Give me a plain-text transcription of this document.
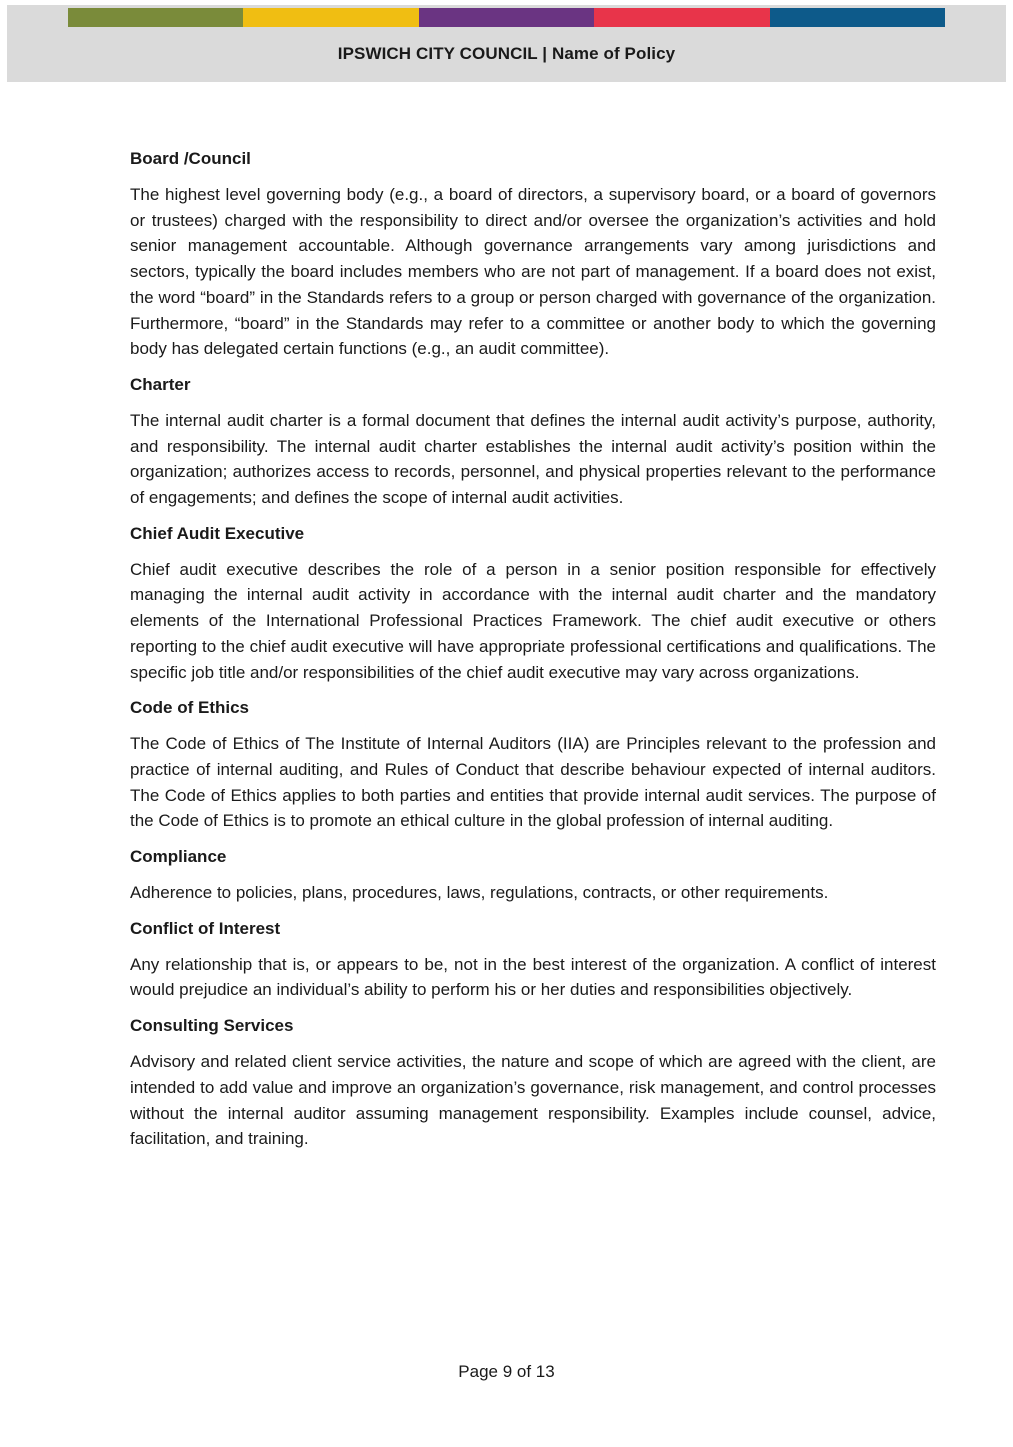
IPSWICH CITY COUNCIL | Name of Policy
Board /Council
The highest level governing body (e.g., a board of directors, a supervisory board, or a board of governors or trustees) charged with the responsibility to direct and/or oversee the organization’s activities and hold senior management accountable. Although governance arrangements vary among jurisdictions and sectors, typically the board includes members who are not part of management. If a board does not exist, the word “board” in the Standards refers to a group or person charged with governance of the organization. Furthermore, “board” in the Standards may refer to a committee or another body to which the governing body has delegated certain functions (e.g., an audit committee).
Charter
The internal audit charter is a formal document that defines the internal audit activity’s purpose, authority, and responsibility. The internal audit charter establishes the internal audit activity’s position within the organization; authorizes access to records, personnel, and physical properties relevant to the performance of engagements; and defines the scope of internal audit activities.
Chief Audit Executive
Chief audit executive describes the role of a person in a senior position responsible for effectively managing the internal audit activity in accordance with the internal audit charter and the mandatory elements of the International Professional Practices Framework. The chief audit executive or others reporting to the chief audit executive will have appropriate professional certifications and qualifications. The specific job title and/or responsibilities of the chief audit executive may vary across organizations.
Code of Ethics
The Code of Ethics of The Institute of Internal Auditors (IIA) are Principles relevant to the profession and practice of internal auditing, and Rules of Conduct that describe behaviour expected of internal auditors. The Code of Ethics applies to both parties and entities that provide internal audit services. The purpose of the Code of Ethics is to promote an ethical culture in the global profession of internal auditing.
Compliance
Adherence to policies, plans, procedures, laws, regulations, contracts, or other requirements.
Conflict of Interest
Any relationship that is, or appears to be, not in the best interest of the organization. A conflict of interest would prejudice an individual’s ability to perform his or her duties and responsibilities objectively.
Consulting Services
Advisory and related client service activities, the nature and scope of which are agreed with the client, are intended to add value and improve an organization’s governance, risk management, and control processes without the internal auditor assuming management responsibility. Examples include counsel, advice, facilitation, and training.
Page 9 of 13
